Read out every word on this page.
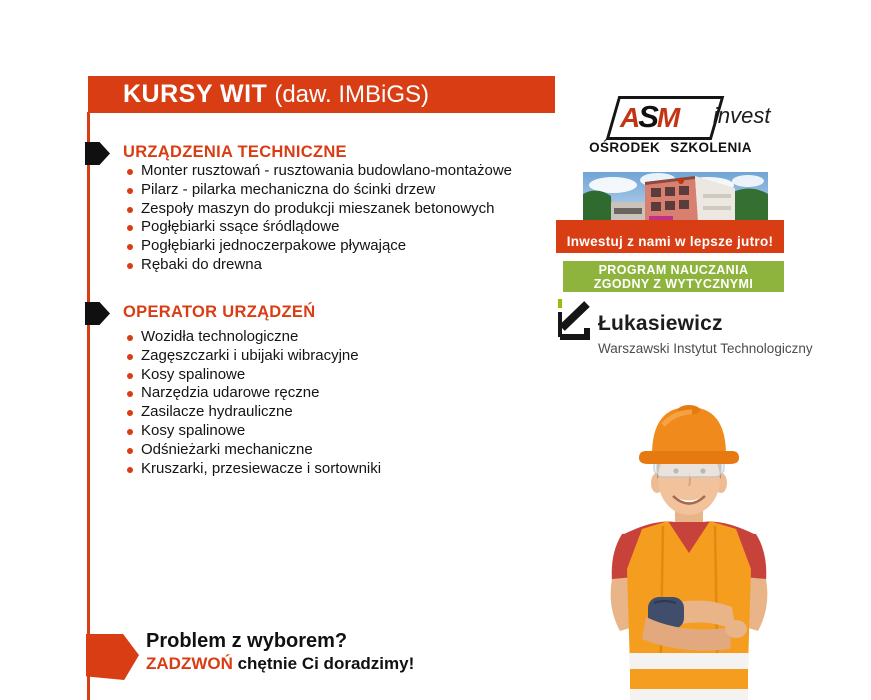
KURSY WIT (daw. IMBiGS)
URZĄDZENIA TECHNICZNE
Monter rusztowań - rusztowania budowlano-montażowe
Pilarz - pilarka mechaniczna do ścinki drzew
Zespoły maszyn do produkcji mieszanek betonowych
Pogłębiarki ssące śródlądowe
Pogłębiarki jednoczerpakowe pływające
Rębaki do drewna
OPERATOR URZĄDZEŃ
Wozidła technologiczne
Zagęszczarki i ubijaki wibracyjne
Kosy spalinowe
Narzędzia udarowe ręczne
Zasilacze hydrauliczne
Kosy spalinowe
Odśnieżarki mechaniczne
Kruszarki, przesiewacze i sortowniki
ASM invest
OŚRODEK SZKOLENIA
Inwestuj z nami w lepsze jutro!
PROGRAM NAUCZANIA
ZGODNY Z WYTYCZNYMI
Łukasiewicz
Warszawski Instytut Technologiczny
Problem z wyborem?
ZADZWOŃ chętnie Ci doradzimy!
